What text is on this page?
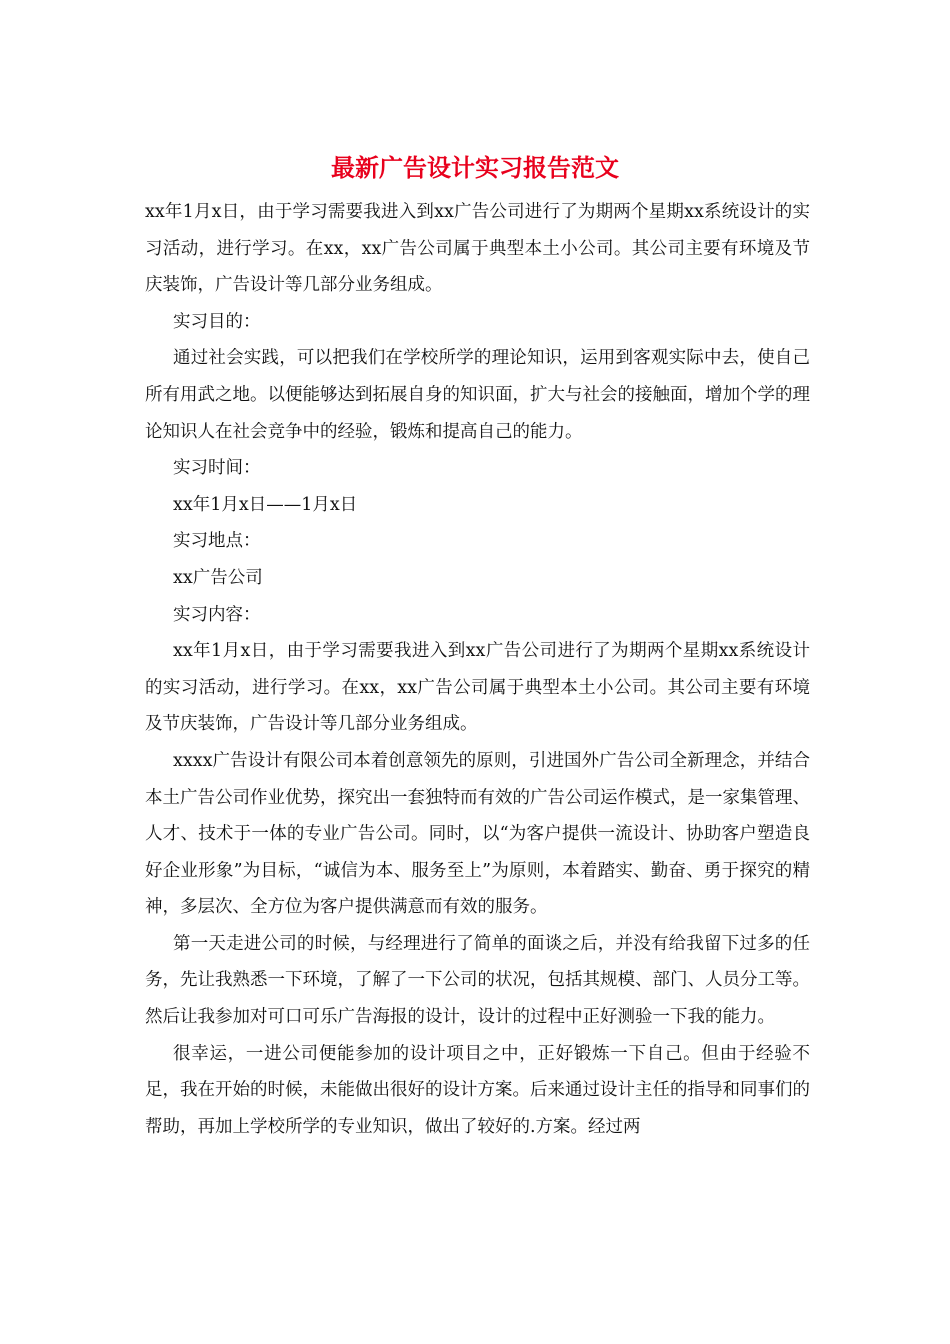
最新广告设计实习报告范文

xx年1月x日，由于学习需要我进入到xx广告公司进行了为期两个星期xx系统设计的实习活动，进行学习。在xx，xx广告公司属于典型本土小公司。其公司主要有环境及节庆装饰，广告设计等几部分业务组成。

实习目的：

通过社会实践，可以把我们在学校所学的理论知识，运用到客观实际中去，使自己所有用武之地。以便能够达到拓展自身的知识面，扩大与社会的接触面，增加个学的理论知识人在社会竞争中的经验，锻炼和提高自己的能力。

实习时间：

xx年1月x日——1月x日

实习地点：

xx广告公司

实习内容：

xx年1月x日，由于学习需要我进入到xx广告公司进行了为期两个星期xx系统设计的实习活动，进行学习。在xx，xx广告公司属于典型本土小公司。其公司主要有环境及节庆装饰，广告设计等几部分业务组成。

xxxx广告设计有限公司本着创意领先的原则，引进国外广告公司全新理念，并结合本土广告公司作业优势，探究出一套独特而有效的广告公司运作模式，是一家集管理、人才、技术于一体的专业广告公司。同时，以“为客户提供一流设计、协助客户塑造良好企业形象”为目标，“诚信为本、服务至上”为原则，本着踏实、勤奋、勇于探究的精神，多层次、全方位为客户提供满意而有效的服务。

第一天走进公司的时候，与经理进行了简单的面谈之后，并没有给我留下过多的任务，先让我熟悉一下环境，了解了一下公司的状况，包括其规模、部门、人员分工等。然后让我参加对可口可乐广告海报的设计，设计的过程中正好测验一下我的能力。

很幸运，一进公司便能参加的设计项目之中，正好锻炼一下自己。但由于经验不足，我在开始的时候，未能做出很好的设计方案。后来通过设计主任的指导和同事们的帮助，再加上学校所学的专业知识，做出了较好的.方案。经过两
